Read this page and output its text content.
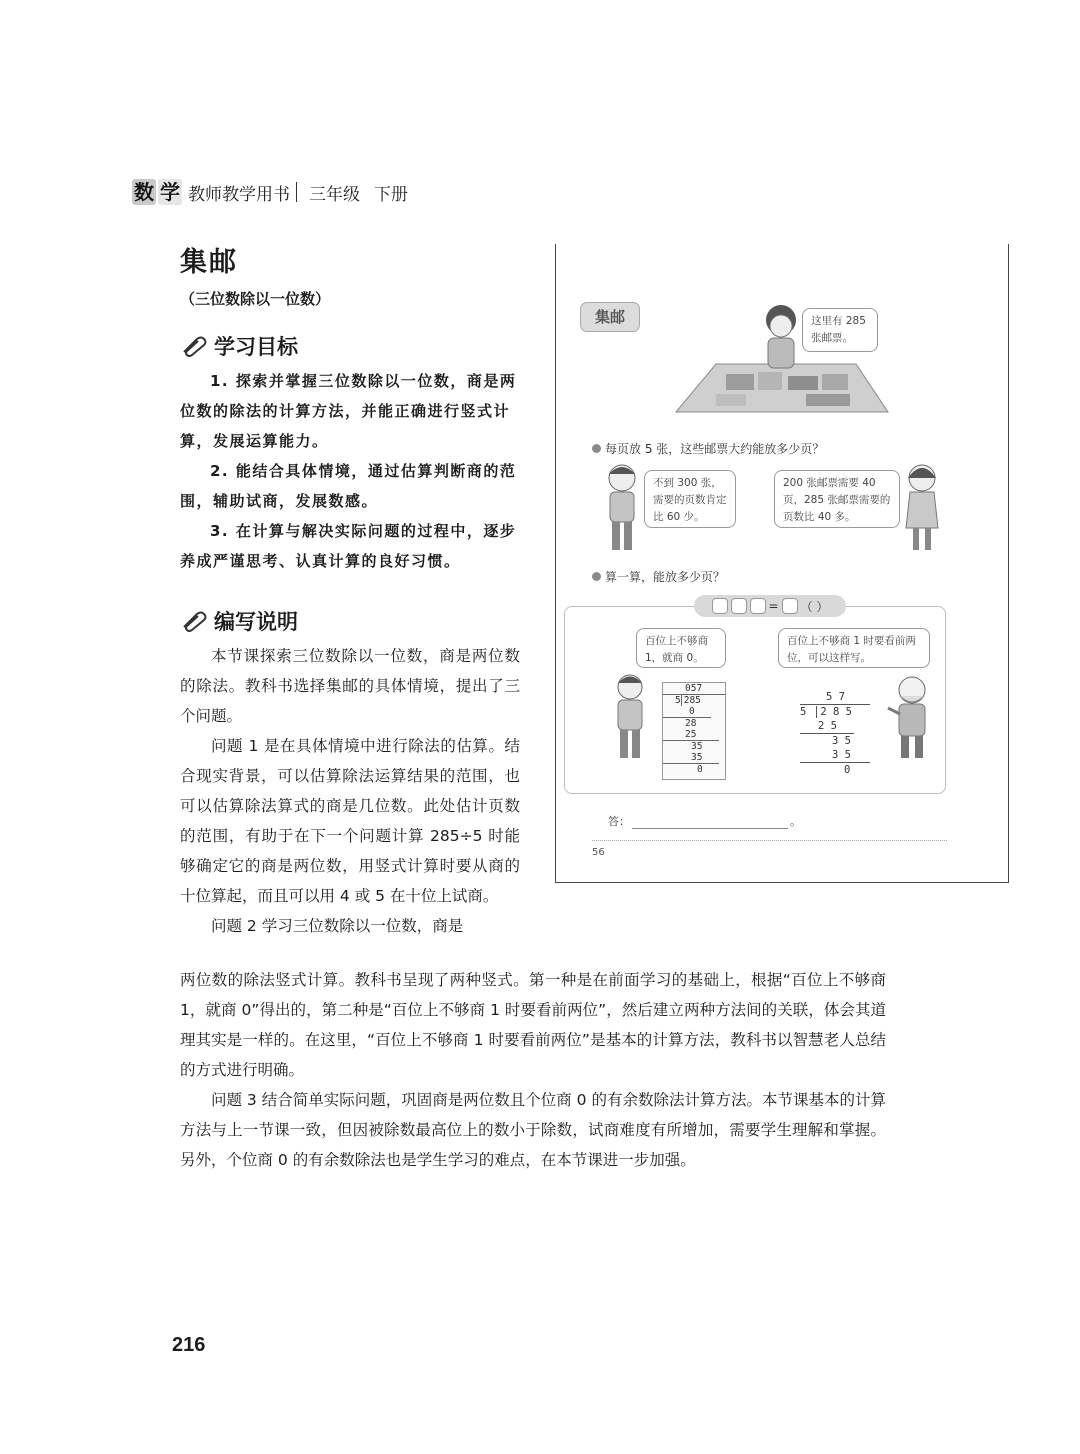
数 学 教师教学用书 三年级 下册
集邮
（三位数除以一位数）
学习目标

1. 探索并掌握三位数除以一位数，商是两位数的除法的计算方法，并能正确进行竖式计算，发展运算能力。

2. 能结合具体情境，通过估算判断商的范围，辅助试商，发展数感。

3. 在计算与解决实际问题的过程中，逐步养成严谨思考、认真计算的良好习惯。

编写说明

本节课探索三位数除以一位数，商是两位数的除法。教科书选择集邮的具体情境，提出了三个问题。

问题 1 是在具体情境中进行除法的估算。结合现实背景，可以估算除法运算结果的范围，也可以估算除法算式的商是几位数。此处估计页数的范围，有助于在下一个问题计算 285÷5 时能够确定它的商是两位数，用竖式计算时要从商的十位算起，而且可以用 4 或 5 在十位上试商。

问题 2 学习三位数除以一位数，商是

两位数的除法竖式计算。教科书呈现了两种竖式。第一种是在前面学习的基础上，根据“百位上不够商 1，就商 0”得出的，第二种是“百位上不够商 1 时要看前两位”，然后建立两种方法间的关联，体会其道理其实是一样的。在这里，“百位上不够商 1 时要看前两位”是基本的计算方法，教科书以智慧老人总结的方式进行明确。

问题 3 结合简单实际问题，巩固商是两位数且个位商 0 的有余数除法计算方法。本节课基本的计算方法与上一节课一致，但因被除数最高位上的数小于除数，试商难度有所增加，需要学生理解和掌握。另外，个位商 0 的有余数除法也是学生学习的难点，在本节课进一步加强。

集邮	这里有 285 张邮票。
每页放 5 张，这些邮票大约能放多少页？
不到 300 张，需要的页数肯定比 60 少。
200 张邮票需要 40 页，285 张邮票需要的页数比 40 多。
算一算，能放多少页？
= （ ）
百位上不够商 1，就商 0。
百位上不够商 1 时要看前两位，可以这样写。
057
5 285
0
28
25
35
35
0
5 7
5 2 8 5
2 5
3 5
3 5
0
答：	。
56
216
